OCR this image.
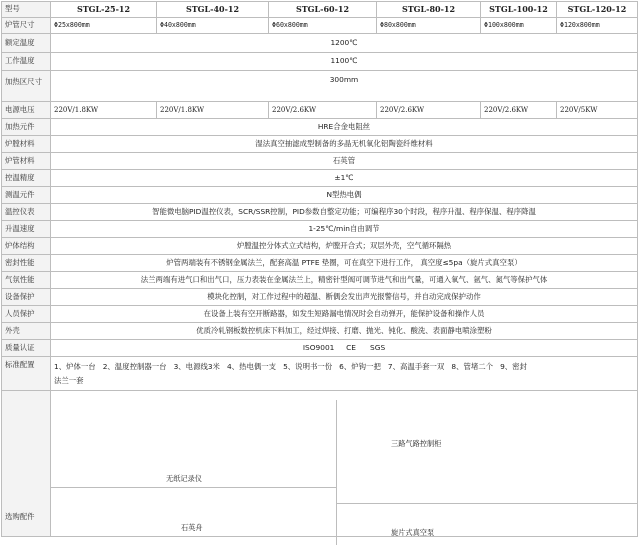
型号	STGL-25-12	STGL-40-12	STGL-60-12	STGL-80-12	STGL-100-12	STGL-120-12
炉管尺寸	Φ25x800mm	Φ40x800mm	Φ60x800mm	Φ80x800mm	Φ100x800mm	Φ120x800mm
额定温度	1200℃					
工作温度	1100℃					
加热区尺寸	300mm					
电源电压	220V/1.8KW	220V/1.8KW	220V/2.6KW	220V/2.6KW	220V/2.6KW	220V/5KW
加热元件	HRE合金电阻丝					
炉膛材料	湿法真空抽滤成型制备的多晶无机氧化铝陶瓷纤维材料					
炉管材料	石英管					
控温精度	±1℃					
测温元件	N型热电偶					
温控仪表	智能微电脑PID温控仪表，SCR/SSR控制，PID参数自整定功能；可编程序30个时段，程序升温、程序保温、程序降温					
升温速度	1-25℃/min自由调节					
炉体结构	炉膛温控分体式立式结构，炉膛开合式；双层外壳，空气循环隔热					
密封性能	炉管两端装有不锈钢金属法兰，配套高温 PTFE 垫圈，可在真空下进行工作， 真空度≤5pa（旋片式真空泵）					
气氛性能	法兰两端有进气口和出气口，压力表装在金属法兰上，精密针型阀可调节进气和出气量，可通入氧气、氩气、氮气等保护气体					
设备保护	模块化控制，对工作过程中的超温、断偶会发出声光报警信号，并自动完成保护动作					
人员保护	在设备上装有空开断路器，如发生短路漏电情况时会自动弹开，能保护设备和操作人员					
外壳	优质冷轧钢板数控机床下料加工，经过焊接、打磨、抛光、钝化、酸洗、表面静电喷涂塑粉					
质量认证	ISO9001     CE      SGS					
标准配置	1、炉体一台   2、温度控制器一台   3、电源线3米   4、热电偶一支   5、说明书一份   6、炉钩一把   7、高温手套一双   8、管堵二个   9、密封
法兰一套					

选购配件						
无纸记录仪
三路气路控制柜
石英舟
旋片式真空泵
